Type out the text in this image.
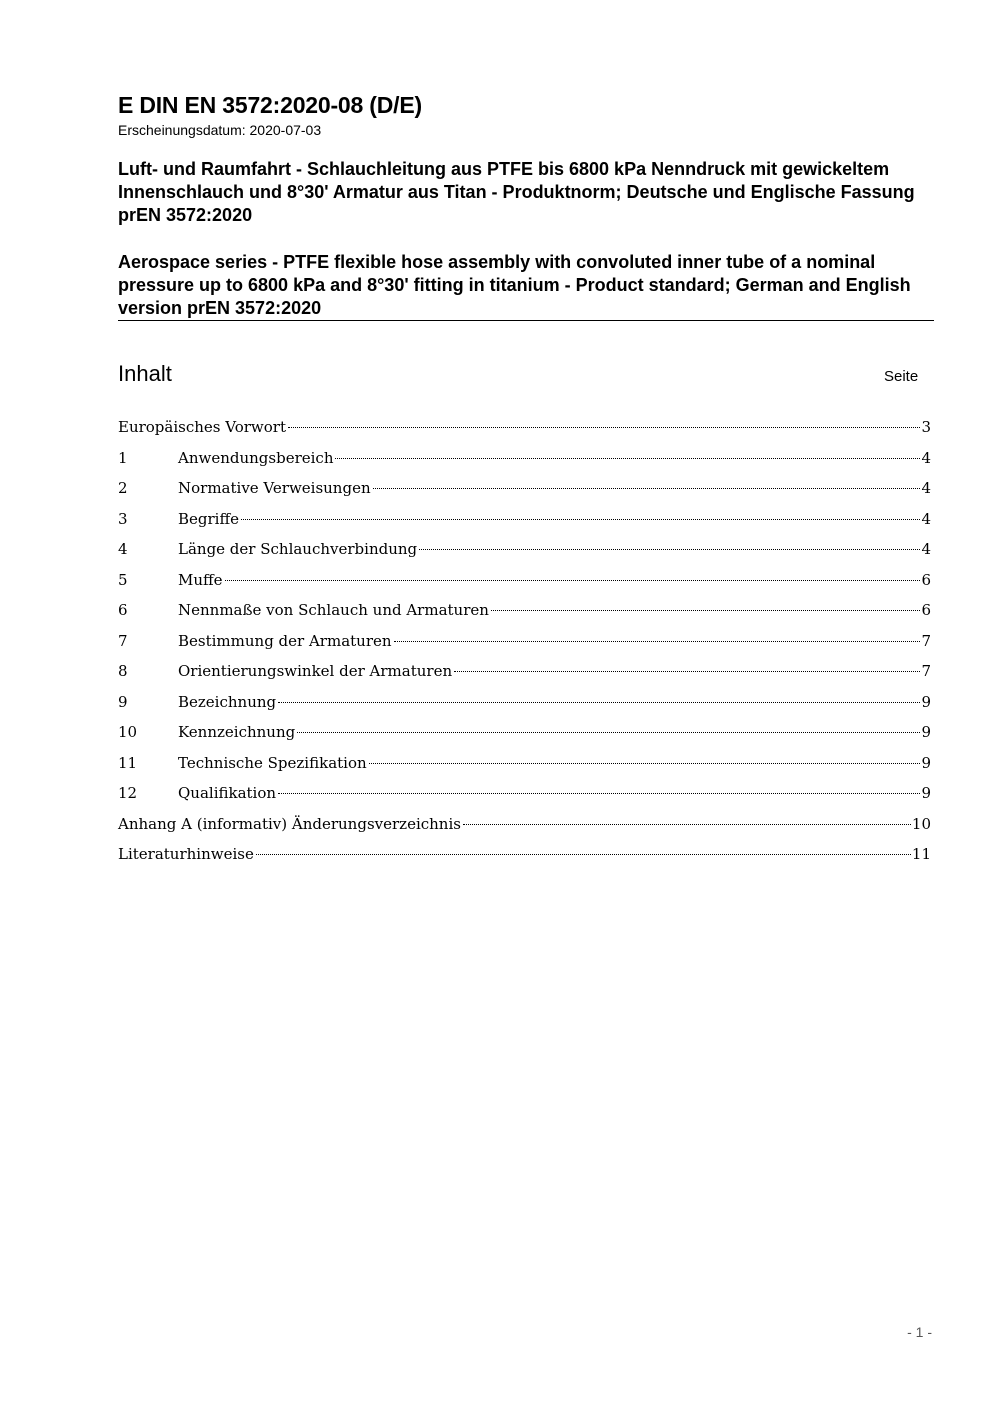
E DIN EN 3572:2020-08 (D/E)
Erscheinungsdatum: 2020-07-03
Luft- und Raumfahrt - Schlauchleitung aus PTFE bis 6800 kPa Nenndruck mit gewickeltem Innenschlauch und 8°30' Armatur aus Titan - Produktnorm; Deutsche und Englische Fassung prEN 3572:2020
Aerospace series - PTFE flexible hose assembly with convoluted inner tube of a nominal pressure up to 6800 kPa and 8°30' fitting in titanium - Product standard; German and English version prEN 3572:2020
Inhalt	Seite
Europäisches Vorwort	3
1	Anwendungsbereich	4
2	Normative Verweisungen	4
3	Begriffe	4
4	Länge der Schlauchverbindung	4
5	Muffe	6
6	Nennmaße von Schlauch und Armaturen	6
7	Bestimmung der Armaturen	7
8	Orientierungswinkel der Armaturen	7
9	Bezeichnung	9
10	Kennzeichnung	9
11	Technische Spezifikation	9
12	Qualifikation	9
Anhang A (informativ) Änderungsverzeichnis	10
Literaturhinweise	11
- 1 -
